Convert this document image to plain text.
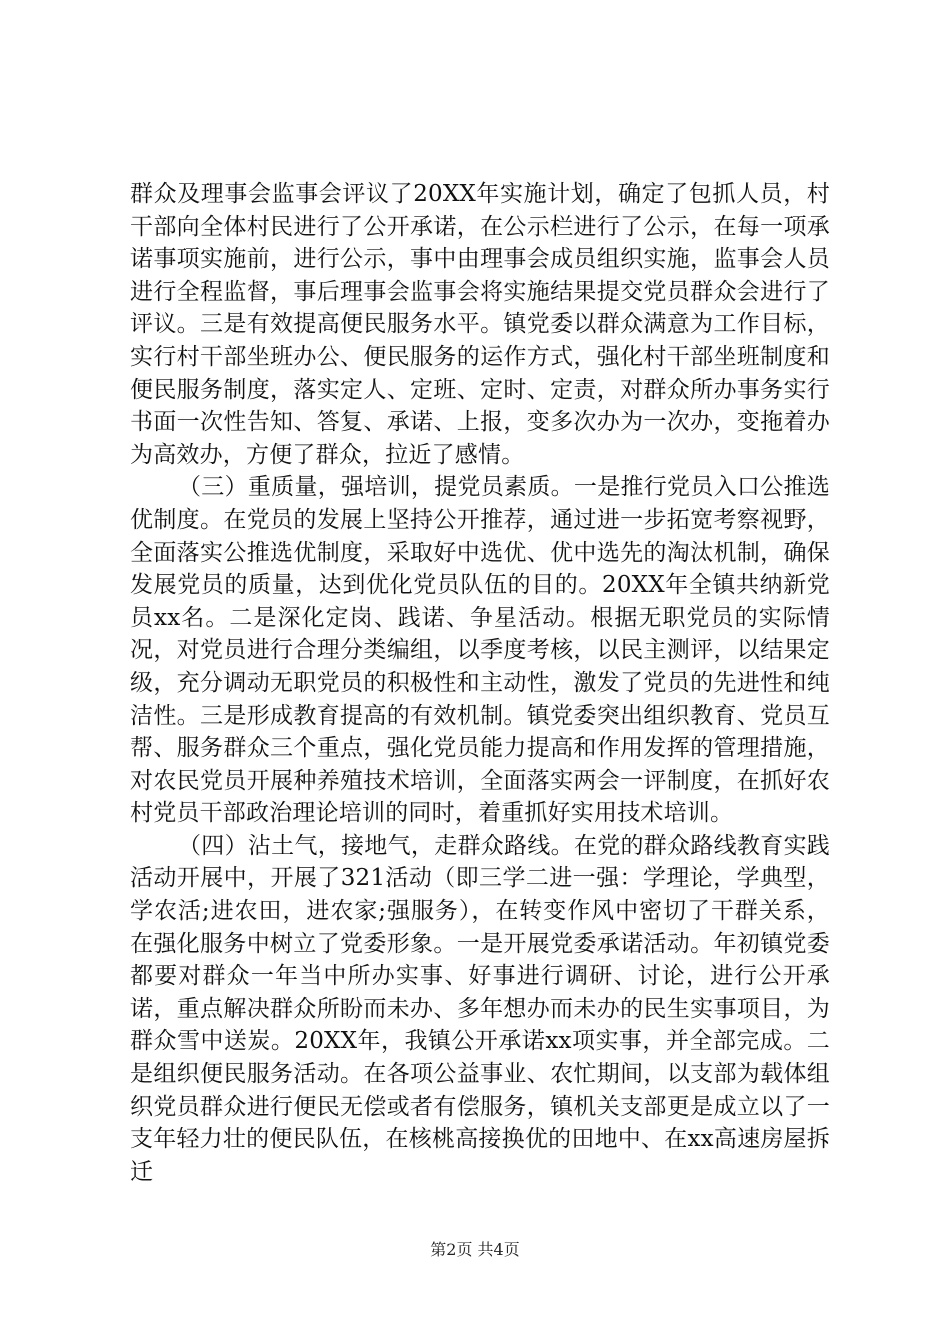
群众及理事会监事会评议了20XX年实施计划，确定了包抓人员，村干部向全体村民进行了公开承诺，在公示栏进行了公示，在每一项承诺事项实施前，进行公示，事中由理事会成员组织实施，监事会人员进行全程监督，事后理事会监事会将实施结果提交党员群众会进行了评议。三是有效提高便民服务水平。镇党委以群众满意为工作目标，实行村干部坐班办公、便民服务的运作方式，强化村干部坐班制度和便民服务制度，落实定人、定班、定时、定责，对群众所办事务实行书面一次性告知、答复、承诺、上报，变多次办为一次办，变拖着办为高效办，方便了群众，拉近了感情。

（三）重质量，强培训，提党员素质。一是推行党员入口公推选优制度。在党员的发展上坚持公开推荐，通过进一步拓宽考察视野，全面落实公推选优制度，采取好中选优、优中选先的淘汰机制，确保发展党员的质量，达到优化党员队伍的目的。20XX年全镇共纳新党员xx名。二是深化定岗、践诺、争星活动。根据无职党员的实际情况，对党员进行合理分类编组，以季度考核，以民主测评，以结果定级，充分调动无职党员的积极性和主动性，激发了党员的先进性和纯洁性。三是形成教育提高的有效机制。镇党委突出组织教育、党员互帮、服务群众三个重点，强化党员能力提高和作用发挥的管理措施，对农民党员开展种养殖技术培训，全面落实两会一评制度，在抓好农村党员干部政治理论培训的同时，着重抓好实用技术培训。

（四）沾土气，接地气，走群众路线。在党的群众路线教育实践活动开展中，开展了321活动（即三学二进一强：学理论，学典型，学农活;进农田，进农家;强服务），在转变作风中密切了干群关系，在强化服务中树立了党委形象。一是开展党委承诺活动。年初镇党委都要对群众一年当中所办实事、好事进行调研、讨论，进行公开承诺，重点解决群众所盼而未办、多年想办而未办的民生实事项目，为群众雪中送炭。20XX年，我镇公开承诺xx项实事，并全部完成。二是组织便民服务活动。在各项公益事业、农忙期间，以支部为载体组织党员群众进行便民无偿或者有偿服务，镇机关支部更是成立以了一支年轻力壮的便民队伍，在核桃高接换优的田地中、在xx高速房屋拆迁

第2页 共4页
